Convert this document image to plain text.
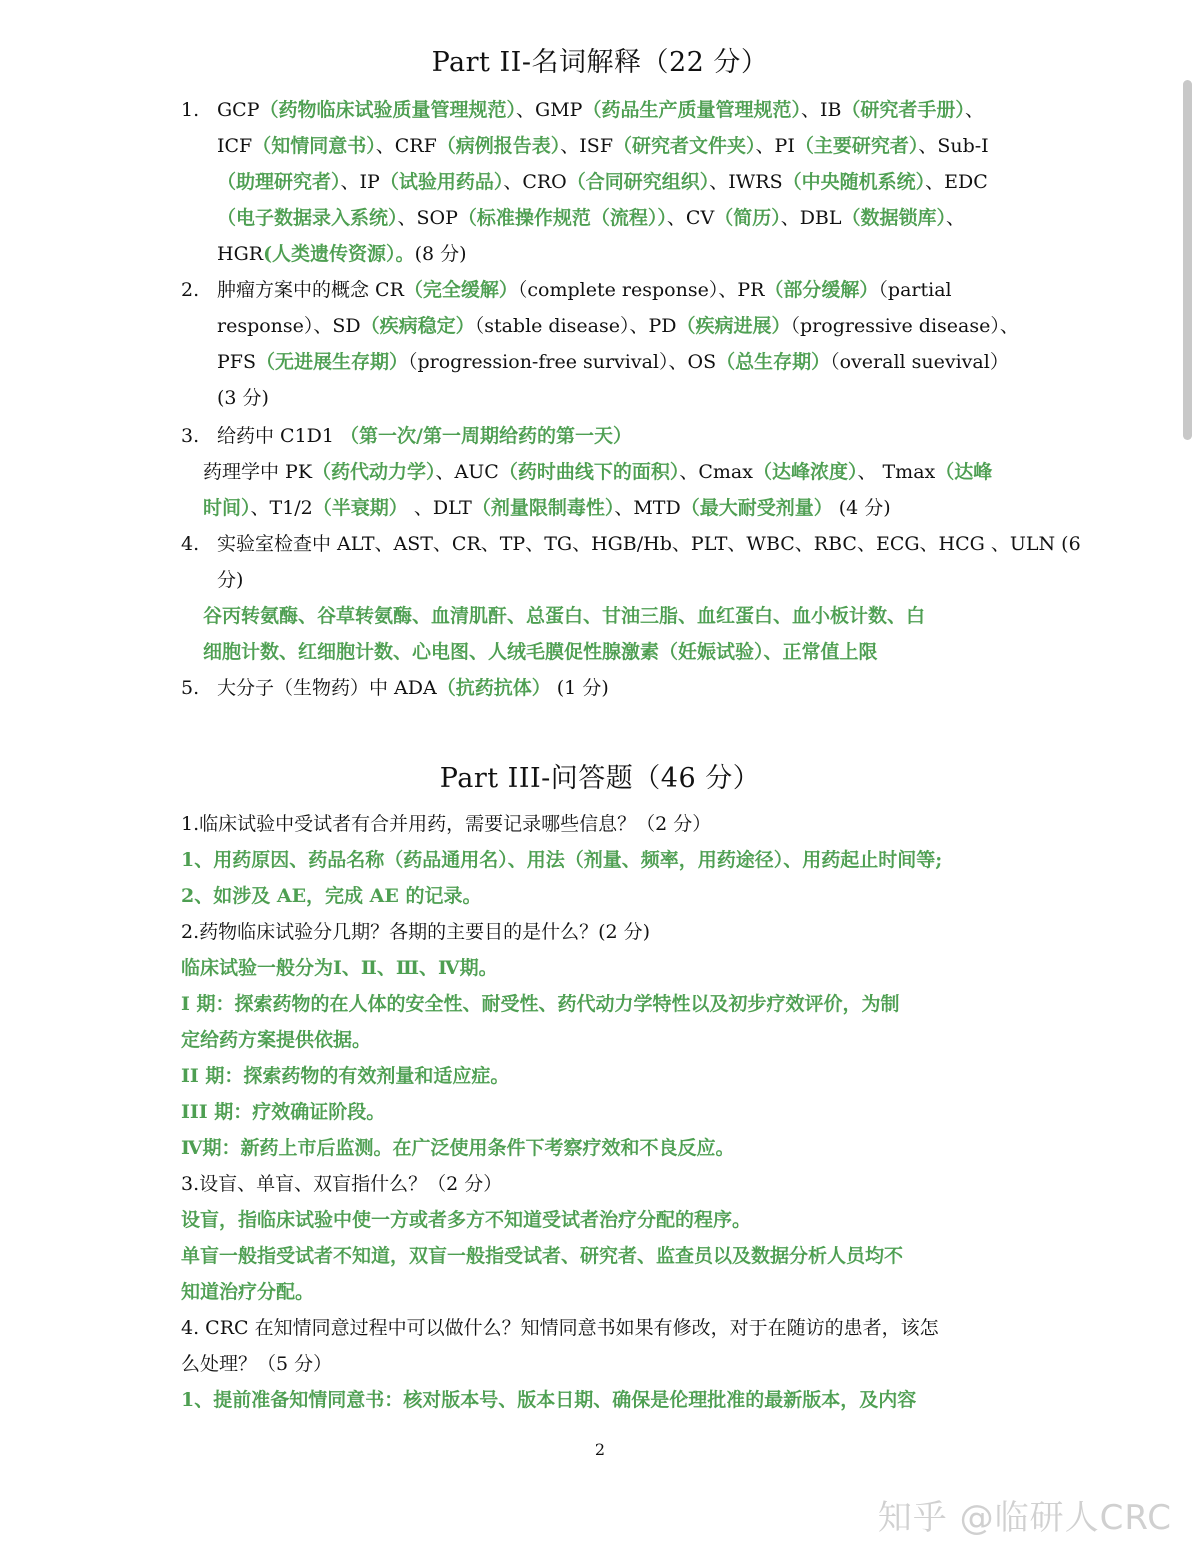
Part II-名词解释（22 分）
1. GCP（药物临床试验质量管理规范）、GMP（药品生产质量管理规范）、IB（研究者手册）、
ICF（知情同意书）、CRF（病例报告表）、ISF（研究者文件夹）、PI（主要研究者）、Sub-I
（助理研究者）、IP（试验用药品）、CRO（合同研究组织）、IWRS（中央随机系统）、EDC
（电子数据录入系统）、SOP（标准操作规范（流程））、CV（简历）、DBL（数据锁库）、
HGR(人类遗传资源）。(8 分)
2. 肿瘤方案中的概念 CR（完全缓解）（complete response）、PR（部分缓解）（partial
response）、SD（疾病稳定）（stable disease）、PD（疾病进展）（progressive disease）、
PFS（无进展生存期）（progression-free survival）、OS（总生存期）（overall suevival）
(3 分)
3. 给药中 C1D1 （第一次/第一周期给药的第一天）
药理学中 PK（药代动力学）、AUC（药时曲线下的面积）、Cmax（达峰浓度）、 Tmax（达峰
时间）、T1/2（半衰期） 、DLT（剂量限制毒性）、MTD（最大耐受剂量） (4 分)
4. 实验室检查中 ALT、AST、CR、TP、TG、HGB/Hb、PLT、WBC、RBC、ECG、HCG 、ULN (6
分)
谷丙转氨酶、谷草转氨酶、血清肌酐、总蛋白、甘油三脂、血红蛋白、血小板计数、白
细胞计数、红细胞计数、心电图、人绒毛膜促性腺激素（妊娠试验）、正常值上限
5. 大分子（生物药）中 ADA（抗药抗体） (1 分)
Part III-问答题（46 分）
1.临床试验中受试者有合并用药，需要记录哪些信息？（2 分）
1、用药原因、药品名称（药品通用名）、用法（剂量、频率，用药途径）、用药起止时间等;
2、如涉及 AE，完成 AE 的记录。
2.药物临床试验分几期？各期的主要目的是什么？(2 分)
临床试验一般分为Ⅰ、Ⅱ、Ⅲ、Ⅳ期。
Ⅰ 期：探索药物的在人体的安全性、耐受性、药代动力学特性以及初步疗效评价，为制
定给药方案提供依据。
II 期：探索药物的有效剂量和适应症。
III 期：疗效确证阶段。
Ⅳ期：新药上市后监测。在广泛使用条件下考察疗效和不良反应。
3.设盲、单盲、双盲指什么？（2 分）
设盲，指临床试验中使一方或者多方不知道受试者治疗分配的程序。
单盲一般指受试者不知道，双盲一般指受试者、研究者、监查员以及数据分析人员均不
知道治疗分配。
4. CRC 在知情同意过程中可以做什么？知情同意书如果有修改，对于在随访的患者，该怎
么处理？（5 分）
1、提前准备知情同意书：核对版本号、版本日期、确保是伦理批准的最新版本，及内容
2
知乎 @临研人CRC
